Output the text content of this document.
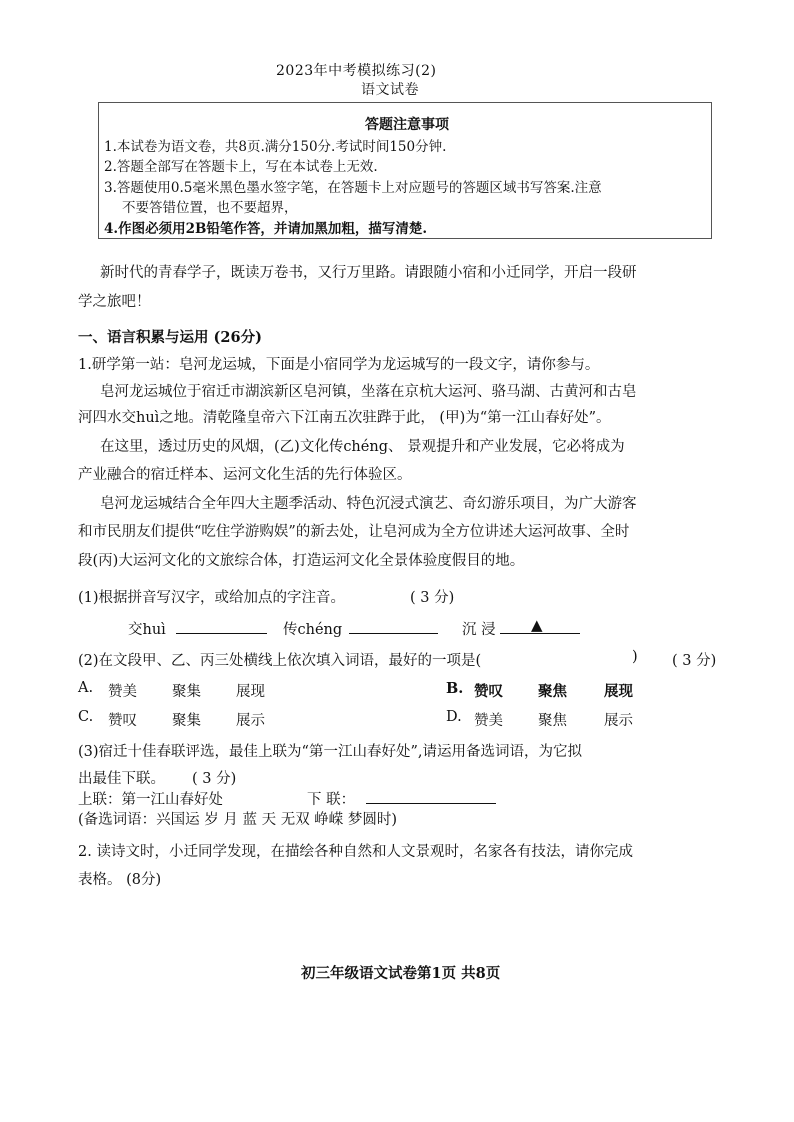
2023年中考模拟练习(2)
语文试卷
答题注意事项
1.本试卷为语文卷，共8页.满分150分.考试时间150分钟.
2.答题全部写在答题卡上，写在本试卷上无效.
3.答题使用0.5毫米黑色墨水签字笔，在答题卡上对应题号的答题区域书写答案.注意
不要答错位置，也不要超界，
4.作图必须用2B铅笔作答，并请加黑加粗，描写清楚.
新时代的青春学子，既读万卷书，又行万里路。请跟随小宿和小迁同学，开启一段研
学之旅吧！
一、语言积累与运用 (26分)
1.研学第一站：皂河龙运城，下面是小宿同学为龙运城写的一段文字，请你参与。
皂河龙运城位于宿迁市湖滨新区皂河镇，坐落在京杭大运河、骆马湖、古黄河和古皂
河四水交huì之地。清乾隆皇帝六下江南五次驻跸于此， (甲)为“第一江山春好处”。
在这里，透过历史的风烟，(乙)文化传chéng、 景观提升和产业发展，它必将成为
产业融合的宿迁样本、运河文化生活的先行体验区。
皂河龙运城结合全年四大主题季活动、特色沉浸式演艺、奇幻游乐项目，为广大游客
和市民朋友们提供“吃住学游购娱”的新去处，让皂河成为全方位讲述大运河故事、全时
段(丙)大运河文化的文旅综合体，打造运河文化全景体验度假目的地。
(1)根据拼音写汉字，或给加点的字注音。	( 3 分)
交huì	传chéng	沉 浸 ▲
(2)在文段甲、乙、丙三处横线上依次填入词语，最好的一项是(	) ( 3 分)
A. 赞美 聚集 展现	B. 赞叹 聚焦	展现
C. 赞叹 聚集 展示	D. 赞美 聚焦	展示
(3)宿迁十佳春联评选，最佳上联为“第一江山春好处”,请运用备选词语，为它拟
出最佳下联。 ( 3 分)
上联：第一江山春好处	下 联：
(备选词语：兴国运 岁 月 蓝 天 无双 峥嵘 梦圆时)
2. 读诗文时，小迁同学发现，在描绘各种自然和人文景观时，名家各有技法，请你完成
表格。 (8分)
初三年级语文试卷第1页 共8页
